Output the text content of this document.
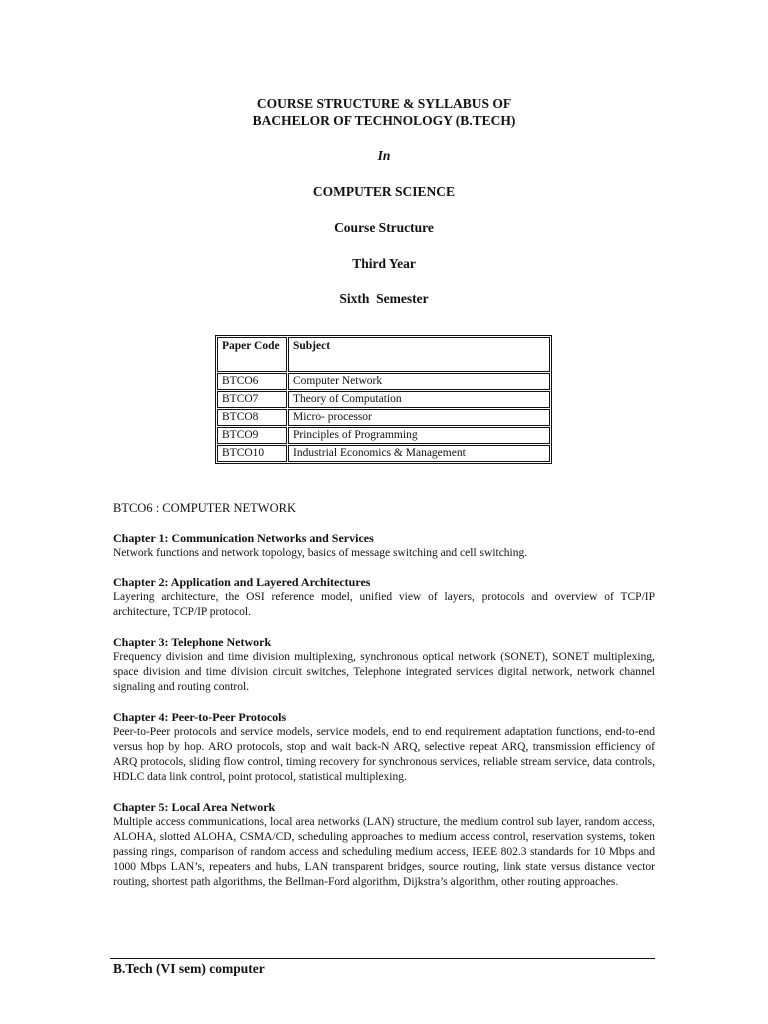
COURSE STRUCTURE & SYLLABUS OF
BACHELOR OF TECHNOLOGY (B.TECH)
In
COMPUTER SCIENCE
Course Structure
Third Year
Sixth  Semester
Paper Code	Subject
BTCO6	Computer Network
BTCO7	Theory of Computation
BTCO8	Micro- processor
BTCO9	Principles of Programming
BTCO10	Industrial Economics & Management
BTCO6 : COMPUTER NETWORK
Chapter 1: Communication Networks and Services
Network functions and network topology, basics of message switching and cell switching.
Chapter 2: Application and Layered Architectures
Layering architecture, the OSI reference model, unified view of layers, protocols and overview of TCP/IP architecture, TCP/IP protocol.
Chapter 3: Telephone Network
Frequency division and time division multiplexing, synchronous optical network (SONET), SONET multiplexing, space division and time division circuit switches, Telephone integrated services digital network, network channel signaling and routing control.
Chapter 4: Peer-to-Peer Protocols
Peer-to-Peer protocols and service models, service models, end to end requirement adaptation functions, end-to-end versus hop by hop. ARO protocols, stop and wait back-N ARQ, selective repeat ARQ, transmission efficiency of ARQ protocols, sliding flow control, timing recovery for synchronous services, reliable stream service, data controls, HDLC data link control, point protocol, statistical multiplexing.
Chapter 5: Local Area Network
Multiple access communications, local area networks (LAN) structure, the medium control sub layer, random access, ALOHA, slotted ALOHA, CSMA/CD, scheduling approaches to medium access control, reservation systems, token passing rings, comparison of random access and scheduling medium access, IEEE 802.3 standards for 10 Mbps and 1000 Mbps LAN’s, repeaters and hubs, LAN transparent bridges, source routing, link state versus distance vector routing, shortest path algorithms, the Bellman-Ford algorithm, Dijkstra’s algorithm, other routing approaches.
B.Tech (VI sem) computer
